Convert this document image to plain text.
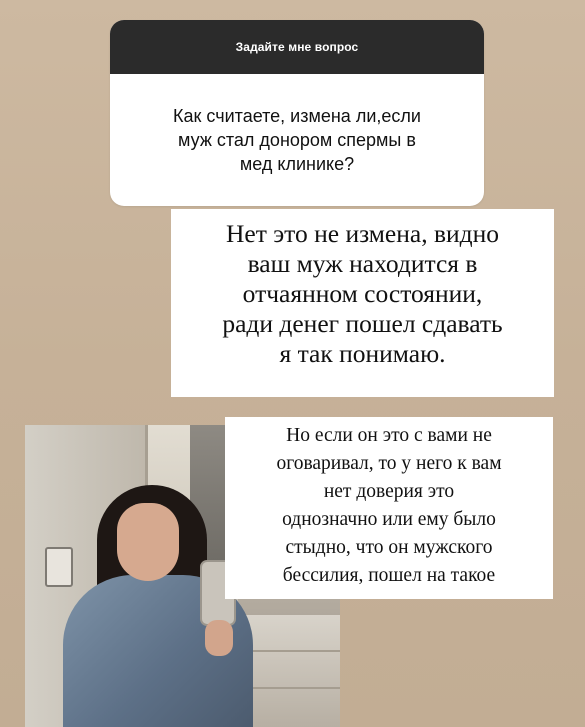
Задайте мне вопрос
Как считаете, измена ли,если
муж стал донором спермы в
мед клинике?
Нет это не измена, видно
ваш муж находится в
отчаянном состоянии,
ради денег пошел сдавать
я так понимаю.
Но если он это с вами не
оговаривал, то у него к вам
нет доверия это
однозначно или ему было
стыдно, что он мужского
бессилия, пошел на такое
